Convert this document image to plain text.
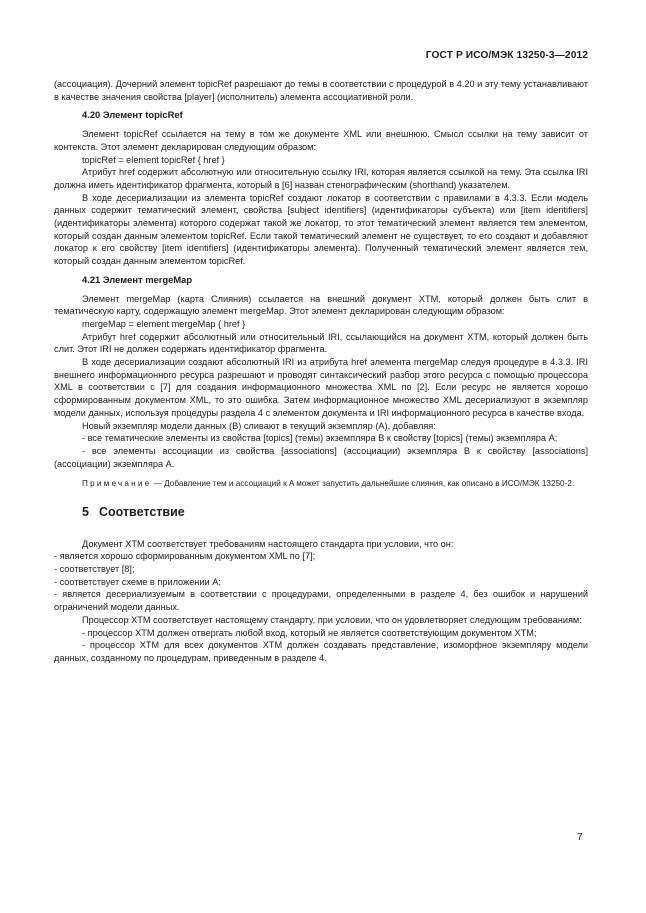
ГОСТ Р ИСО/МЭК 13250-3—2012

(ассоциация). Дочерний элемент topicRef разрешают до темы в соответствии с процедурой в 4.20 и эту тему устанавливают в качестве значения свойства [player] (исполнитель) элемента ассоциативной роли.

4.20 Элемент topicRef

Элемент topicRef ссылается на тему в том же документе XML или внешнюю. Смысл ссылки на тему зависит от контекста. Этот элемент декларирован следующим образом:

topicRef = element topicRef { href }

Атрибут href содержит абсолютную или относительную ссылку IRI, которая является ссылкой на тему. Эта ссылка IRI должна иметь идентификатор фрагмента, который в [6] назван стенографическим (shorthand) указателем.

В ходе десериализации из элемента topicRef создают локатор в соответствии с правилами в 4.3.3. Если модель данных содержит тематический элемент, свойства [subject identifiers] (идентификаторы субъекта) или [item identifiers] (идентификаторы элемента) которого содержат такой же локатор, то этот тематический элемент является тем элементом, который создан данным элементом topicRef. Если такой тематический элемент не существует, то его создают и добавляют локатор к его свойству [item identifiers] (идентификаторы элемента). Полученный тематический элемент является тем, который создан данным элементом topicRef.

4.21 Элемент mergeMap

Элемент mergeMap (карта Слияния) ссылается на внешний документ XTM, который должен быть слит в тематическую карту, содержащую элемент mergeMap. Этот элемент декларирован следующим образом:

mergeMap = element mergeMap { href }

Атрибут href содержит абсолютный или относительный IRI, ссылающийся на документ XTM, который должен быть слит. Этот IRI не должен содержать идентификатор фрагмента.

В ходе десериализации создают абсолютный IRI из атрибута href элемента mergeMap следуя процедуре в 4.3.3. IRI внешнего информационного ресурса разрешают и проводят синтаксический разбор этого ресурса с помощью процессора XML в соответствии с [7] для создания информационного множества XML по [2]. Если ресурс не является хорошо сформированным документом XML, то это ошибка. Затем информационное множество XML десериализуют в экземпляр модели данных, используя процедуры раздела 4 с элементом документа и IRI информационного ресурса в качестве входа.

Новый экземпляр модели данных (B) сливают в текущий экземпляр (A), добавляя:

- все тематические элементы из свойства [topics] (темы) экземпляра B к свойству [topics] (темы) экземпляра A;

- все элементы ассоциации из свойства [associations] (ассоциации) экземпляра B к свойству [associations] (ассоциации) экземпляра A.

Примечание — Добавление тем и ассоциаций к A может запустить дальнейшие слияния, как описано в ИСО/МЭК 13250-2.

5 Соответствие

Документ XTM соответствует требованиям настоящего стандарта при условии, что он:

- является хорошо сформированным документом XML по [7];

- соответствует [8];

- соответствует схеме в приложении A;

- является десериализуемым в соответствии с процедурами, определенными в разделе 4, без ошибок и нарушений ограничений модели данных.

Процессор XTM соответствует настоящему стандарту, при условии, что он удовлетворяет следующим требованиям:

- процессор XTM должен отвергать любой вход, который не является соответствующим документом XTM;

- процессор XTM для всех документов XTM должен создавать представление, изоморфное экземпляру модели данных, созданному по процедурам, приведенным в разделе 4.

7
